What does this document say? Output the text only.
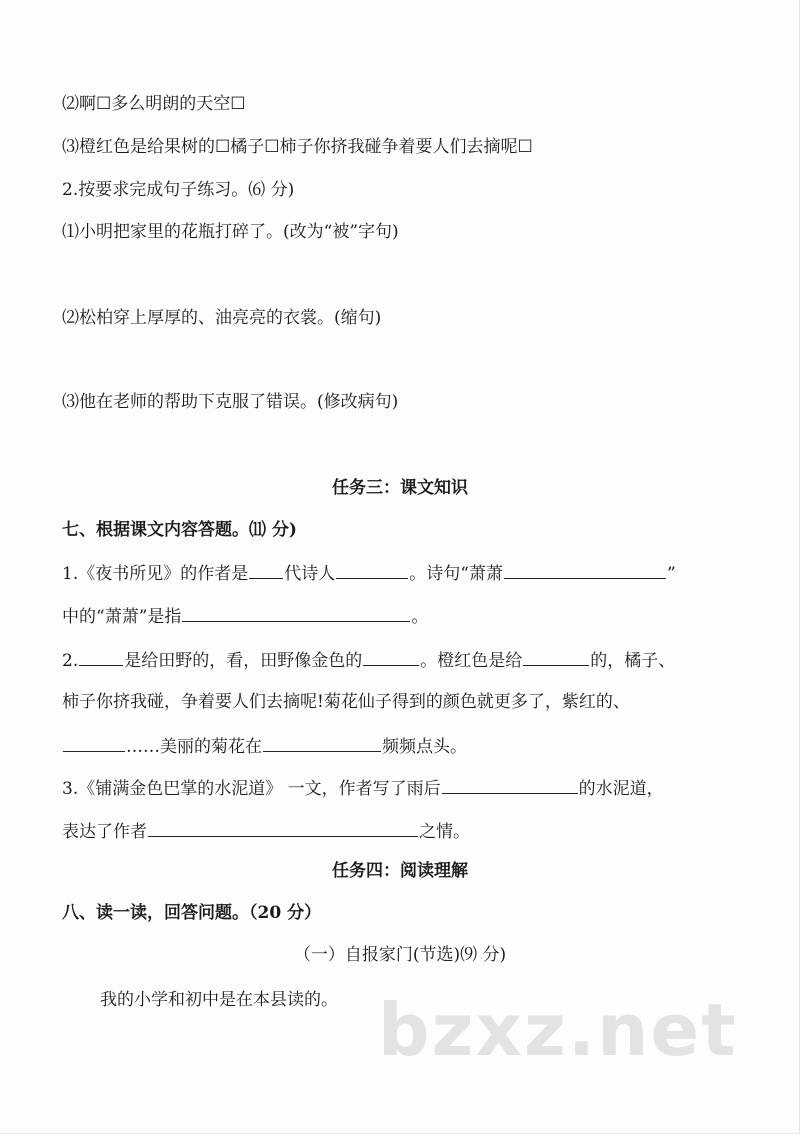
⑵啊☐多么明朗的天空☐
⑶橙红色是给果树的☐橘子☐柿子你挤我碰争着要人们去摘呢☐
2.按要求完成句子练习。⑹ 分)
⑴小明把家里的花瓶打碎了。(改为“被”字句)
⑵松柏穿上厚厚的、油亮亮的衣裳。(缩句)
⑶他在老师的帮助下克服了错误。(修改病句)
任务三：课文知识
七、根据课文内容答题。⑾ 分)
1.《夜书所见》的作者是 代诗人	。诗句“萧萧	”
中的“萧萧”是指	。
2.	是给田野的，看，田野像金色的	。橙红色是给	的，橘子、
柿子你挤我碰，争着要人们去摘呢!菊花仙子得到的颜色就更多了，紫红的、
……美丽的菊花在	频频点头。
3.《铺满金色巴掌的水泥道》 一文，作者写了雨后	的水泥道，
表达了作者	之情。
任务四：阅读理解
八、读一读，回答问题。（20 分）
（一）自报家门(节选)⑼ 分)
我的小学和初中是在本县读的。 bzxz.net
